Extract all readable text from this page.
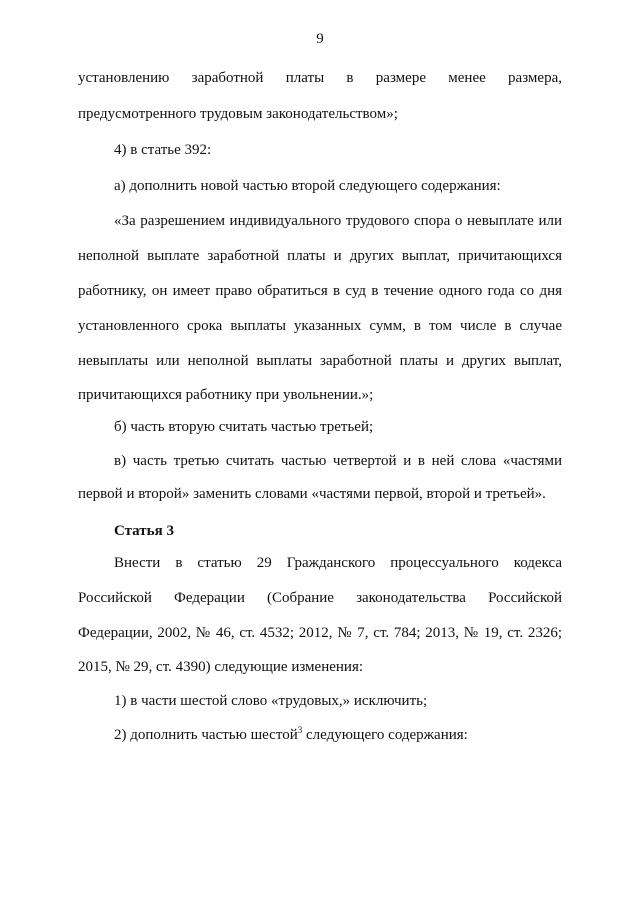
9
установлению заработной платы в размере менее размера,
предусмотренного трудовым законодательством»;
4) в статье 392:
а) дополнить новой частью второй следующего содержания:
«За разрешением индивидуального трудового спора о невыплате или
неполной выплате заработной платы и других выплат, причитающихся
работнику, он имеет право обратиться в суд в течение одного года со дня
установленного срока выплаты указанных сумм, в том числе в случае
невыплаты или неполной выплаты заработной платы и других выплат,
причитающихся работнику при увольнении.»;
б) часть вторую считать частью третьей;
в) часть третью считать частью четвертой и в ней слова «частями
первой и второй» заменить словами «частями первой, второй и третьей».
Статья 3
Внести в статью 29 Гражданского процессуального кодекса
Российской Федерации (Собрание законодательства Российской
Федерации, 2002, № 46, ст. 4532; 2012, № 7, ст. 784; 2013, № 19, ст. 2326;
2015, № 29, ст. 4390) следующие изменения:
1) в части шестой слово «трудовых,» исключить;
2) дополнить частью шестой$^3$ следующего содержания:
